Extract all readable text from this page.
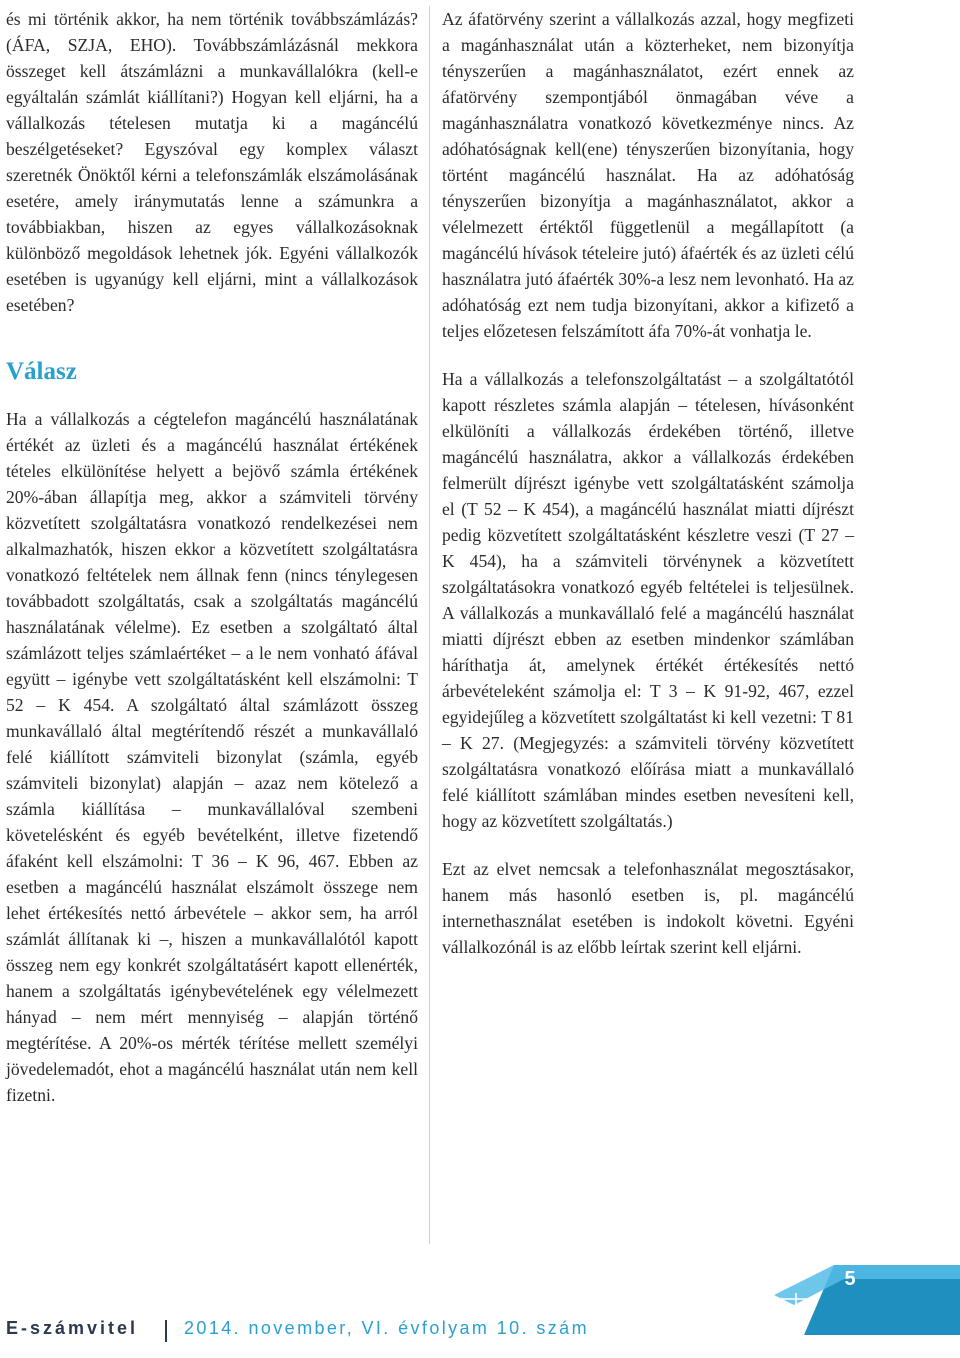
és mi történik akkor, ha nem történik továbbszámlázás? (ÁFA, SZJA, EHO). Továbbszámlázásnál mekkora összeget kell átszámlázni a munkavállalókra (kell-e egyáltalán számlát kiállítani?) Hogyan kell eljárni, ha a vállalkozás tételesen mutatja ki a magáncélú beszélgetéseket? Egyszóval egy komplex választ szeretnék Önöktől kérni a telefonszámlák elszámolásának esetére, amely iránymutatás lenne a számunkra a továbbiakban, hiszen az egyes vállalkozásoknak különböző megoldások lehetnek jók. Egyéni vállalkozók esetében is ugyanúgy kell eljárni, mint a vállalkozások esetében?

Válasz

Ha a vállalkozás a cégtelefon magáncélú használatának értékét az üzleti és a magáncélú használat értékének tételes elkülönítése helyett a bejövő számla értékének 20%-ában állapítja meg, akkor a számviteli törvény közvetített szolgáltatásra vonatkozó rendelkezései nem alkalmazhatók, hiszen ekkor a közvetített szolgáltatásra vonatkozó feltételek nem állnak fenn (nincs ténylegesen továbbadott szolgáltatás, csak a szolgáltatás magáncélú használatának vélelme). Ez esetben a szolgáltató által számlázott teljes számlaértéket – a le nem vonható áfával együtt – igénybe vett szolgáltatásként kell elszámolni: T 52 – K 454. A szolgáltató által számlázott összeg munkavállaló által megtérítendő részét a munkavállaló felé kiállított számviteli bizonylat (számla, egyéb számviteli bizonylat) alapján – azaz nem kötelező a számla kiállítása – munkavállalóval szembeni követelésként és egyéb bevételként, illetve fizetendő áfaként kell elszámolni: T 36 – K 96, 467. Ebben az esetben a magáncélú használat elszámolt összege nem lehet értékesítés nettó árbevétele – akkor sem, ha arról számlát állítanak ki –, hiszen a munkavállalótól kapott összeg nem egy konkrét szolgáltatásért kapott ellenérték, hanem a szolgáltatás igénybevételének egy vélelmezett hányad – nem mért mennyiség – alapján történő megtérítése. A 20%-os mérték térítése mellett személyi jövedelemadót, ehot a magáncélú használat után nem kell fizetni.

Az áfatörvény szerint a vállalkozás azzal, hogy megfizeti a magánhasználat után a közterheket, nem bizonyítja tényszerűen a magánhasználatot, ezért ennek az áfatörvény szempontjából önmagában véve a magánhasználatra vonatkozó következménye nincs. Az adóhatóságnak kell(ene) tényszerűen bizonyítania, hogy történt magáncélú használat. Ha az adóhatóság tényszerűen bizonyítja a magánhasználatot, akkor a vélelmezett értéktől függetlenül a megállapított (a magáncélú hívások tételeire jutó) áfaérték és az üzleti célú használatra jutó áfaérték 30%-a lesz nem levonható. Ha az adóhatóság ezt nem tudja bizonyítani, akkor a kifizető a teljes előzetesen felszámított áfa 70%-át vonhatja le.

Ha a vállalkozás a telefonszolgáltatást – a szolgáltatótól kapott részletes számla alapján – tételesen, hívásonként elkülöníti a vállalkozás érdekében történő, illetve magáncélú használatra, akkor a vállalkozás érdekében felmerült díjrészt igénybe vett szolgáltatásként számolja el (T 52 – K 454), a magáncélú használat miatti díjrészt pedig közvetített szolgáltatásként készletre veszi (T 27 – K 454), ha a számviteli törvénynek a közvetített szolgáltatásokra vonatkozó egyéb feltételei is teljesülnek. A vállalkozás a munkavállaló felé a magáncélú használat miatti díjrészt ebben az esetben mindenkor számlában háríthatja át, amelynek értékét értékesítés nettó árbevételeként számolja el: T 3 – K 91-92, 467, ezzel egyidejűleg a közvetített szolgáltatást ki kell vezetni: T 81 – K 27. (Megjegyzés: a számviteli törvény közvetített szolgáltatásra vonatkozó előírása miatt a munkavállaló felé kiállított számlában mindes esetben nevesíteni kell, hogy az közvetített szolgáltatás.)

Ezt az elvet nemcsak a telefonhasználat megosztásakor, hanem más hasonló esetben is, pl. magáncélú internethasználat esetében is indokolt követni. Egyéni vállalkozónál is az előbb leírtak szerint kell eljárni.

5
E-számvitel	2014. november, VI. évfolyam 10. szám
